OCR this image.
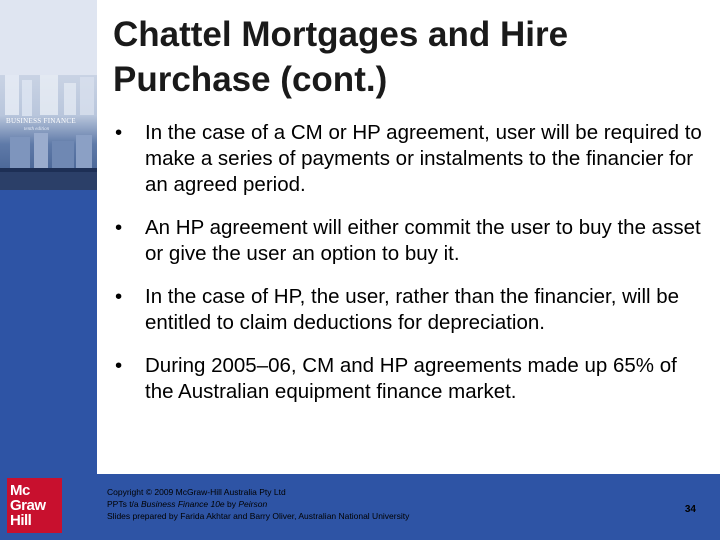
BUSINESS FINANCE
tenth edition
Mc
Graw
Hill
Chattel Mortgages and Hire
Purchase (cont.)
• In the case of a CM or HP agreement, user will be required to make a series of payments or instalments to the financier for an agreed period.
• An HP agreement will either commit the user to buy the asset or give the user an option to buy it.
• In the case of HP, the user, rather than the financier, will be entitled to claim deductions for depreciation.
• During 2005–06, CM and HP agreements made up 65% of the Australian equipment finance market.
Copyright © 2009 McGraw-Hill Australia Pty Ltd
PPTs t/a Business Finance 10e by Peirson
Slides prepared by Farida Akhtar and Barry Oliver, Australian National University
34
